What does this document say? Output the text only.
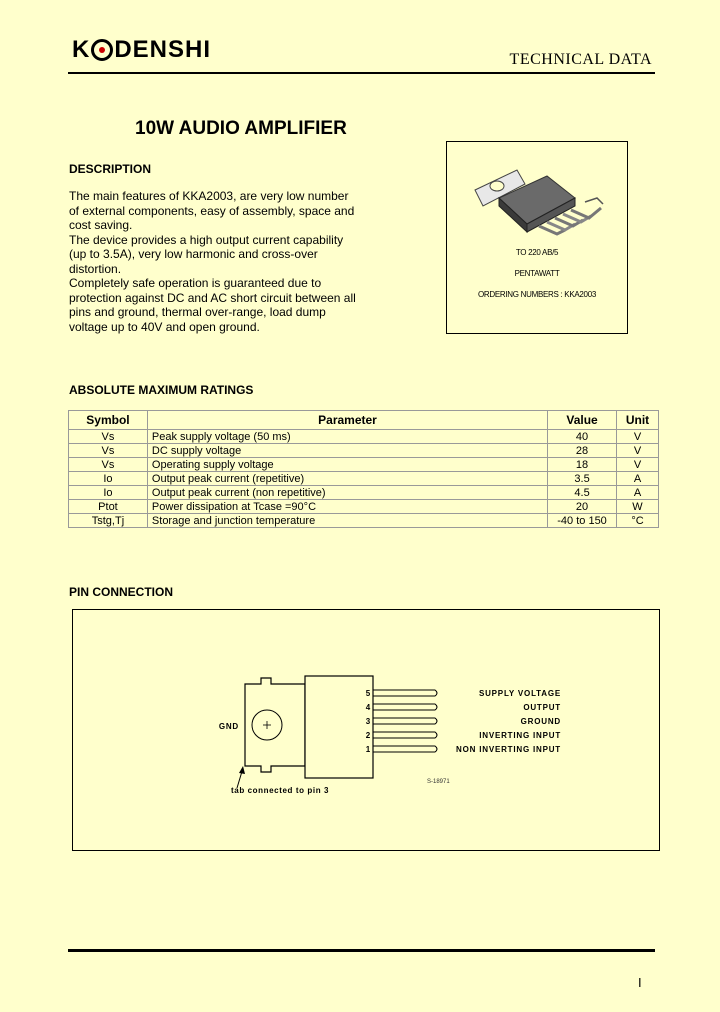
K DENSHI	TECHNICAL DATA
10W AUDIO AMPLIFIER
DESCRIPTION

The main features of KKA2003, are very low number of external components, easy of assembly, space and cost saving.

The device provides a high output current capability (up to 3.5A), very low harmonic and cross-over distortion.

Completely safe operation is guaranteed due to protection against DC and AC short circuit between all pins and ground, thermal over-range, load dump voltage up to 40V and open ground.

TO 220 AB/5
PENTAWATT
ORDERING NUMBERS : KKA2003
ABSOLUTE MAXIMUM RATINGS
Symbol	Parameter	Value	Unit
Vs	Peak supply voltage (50 ms)	40	V
Vs	DC supply voltage	28	V
Vs	Operating supply voltage	18	V
Io	Output peak current (repetitive)	3.5	A
Io	Output peak current (non repetitive)	4.5	A
Ptot	Power dissipation at Tcase =90°C	20	W
Tstg,Tj	Storage and junction temperature	-40 to 150	°C
PIN CONNECTION
5
4
3
2
1
SUPPLY VOLTAGE
OUTPUT
GROUND
INVERTING INPUT
NON INVERTING INPUT
GND
tab connected to pin 3
S-18971
I
